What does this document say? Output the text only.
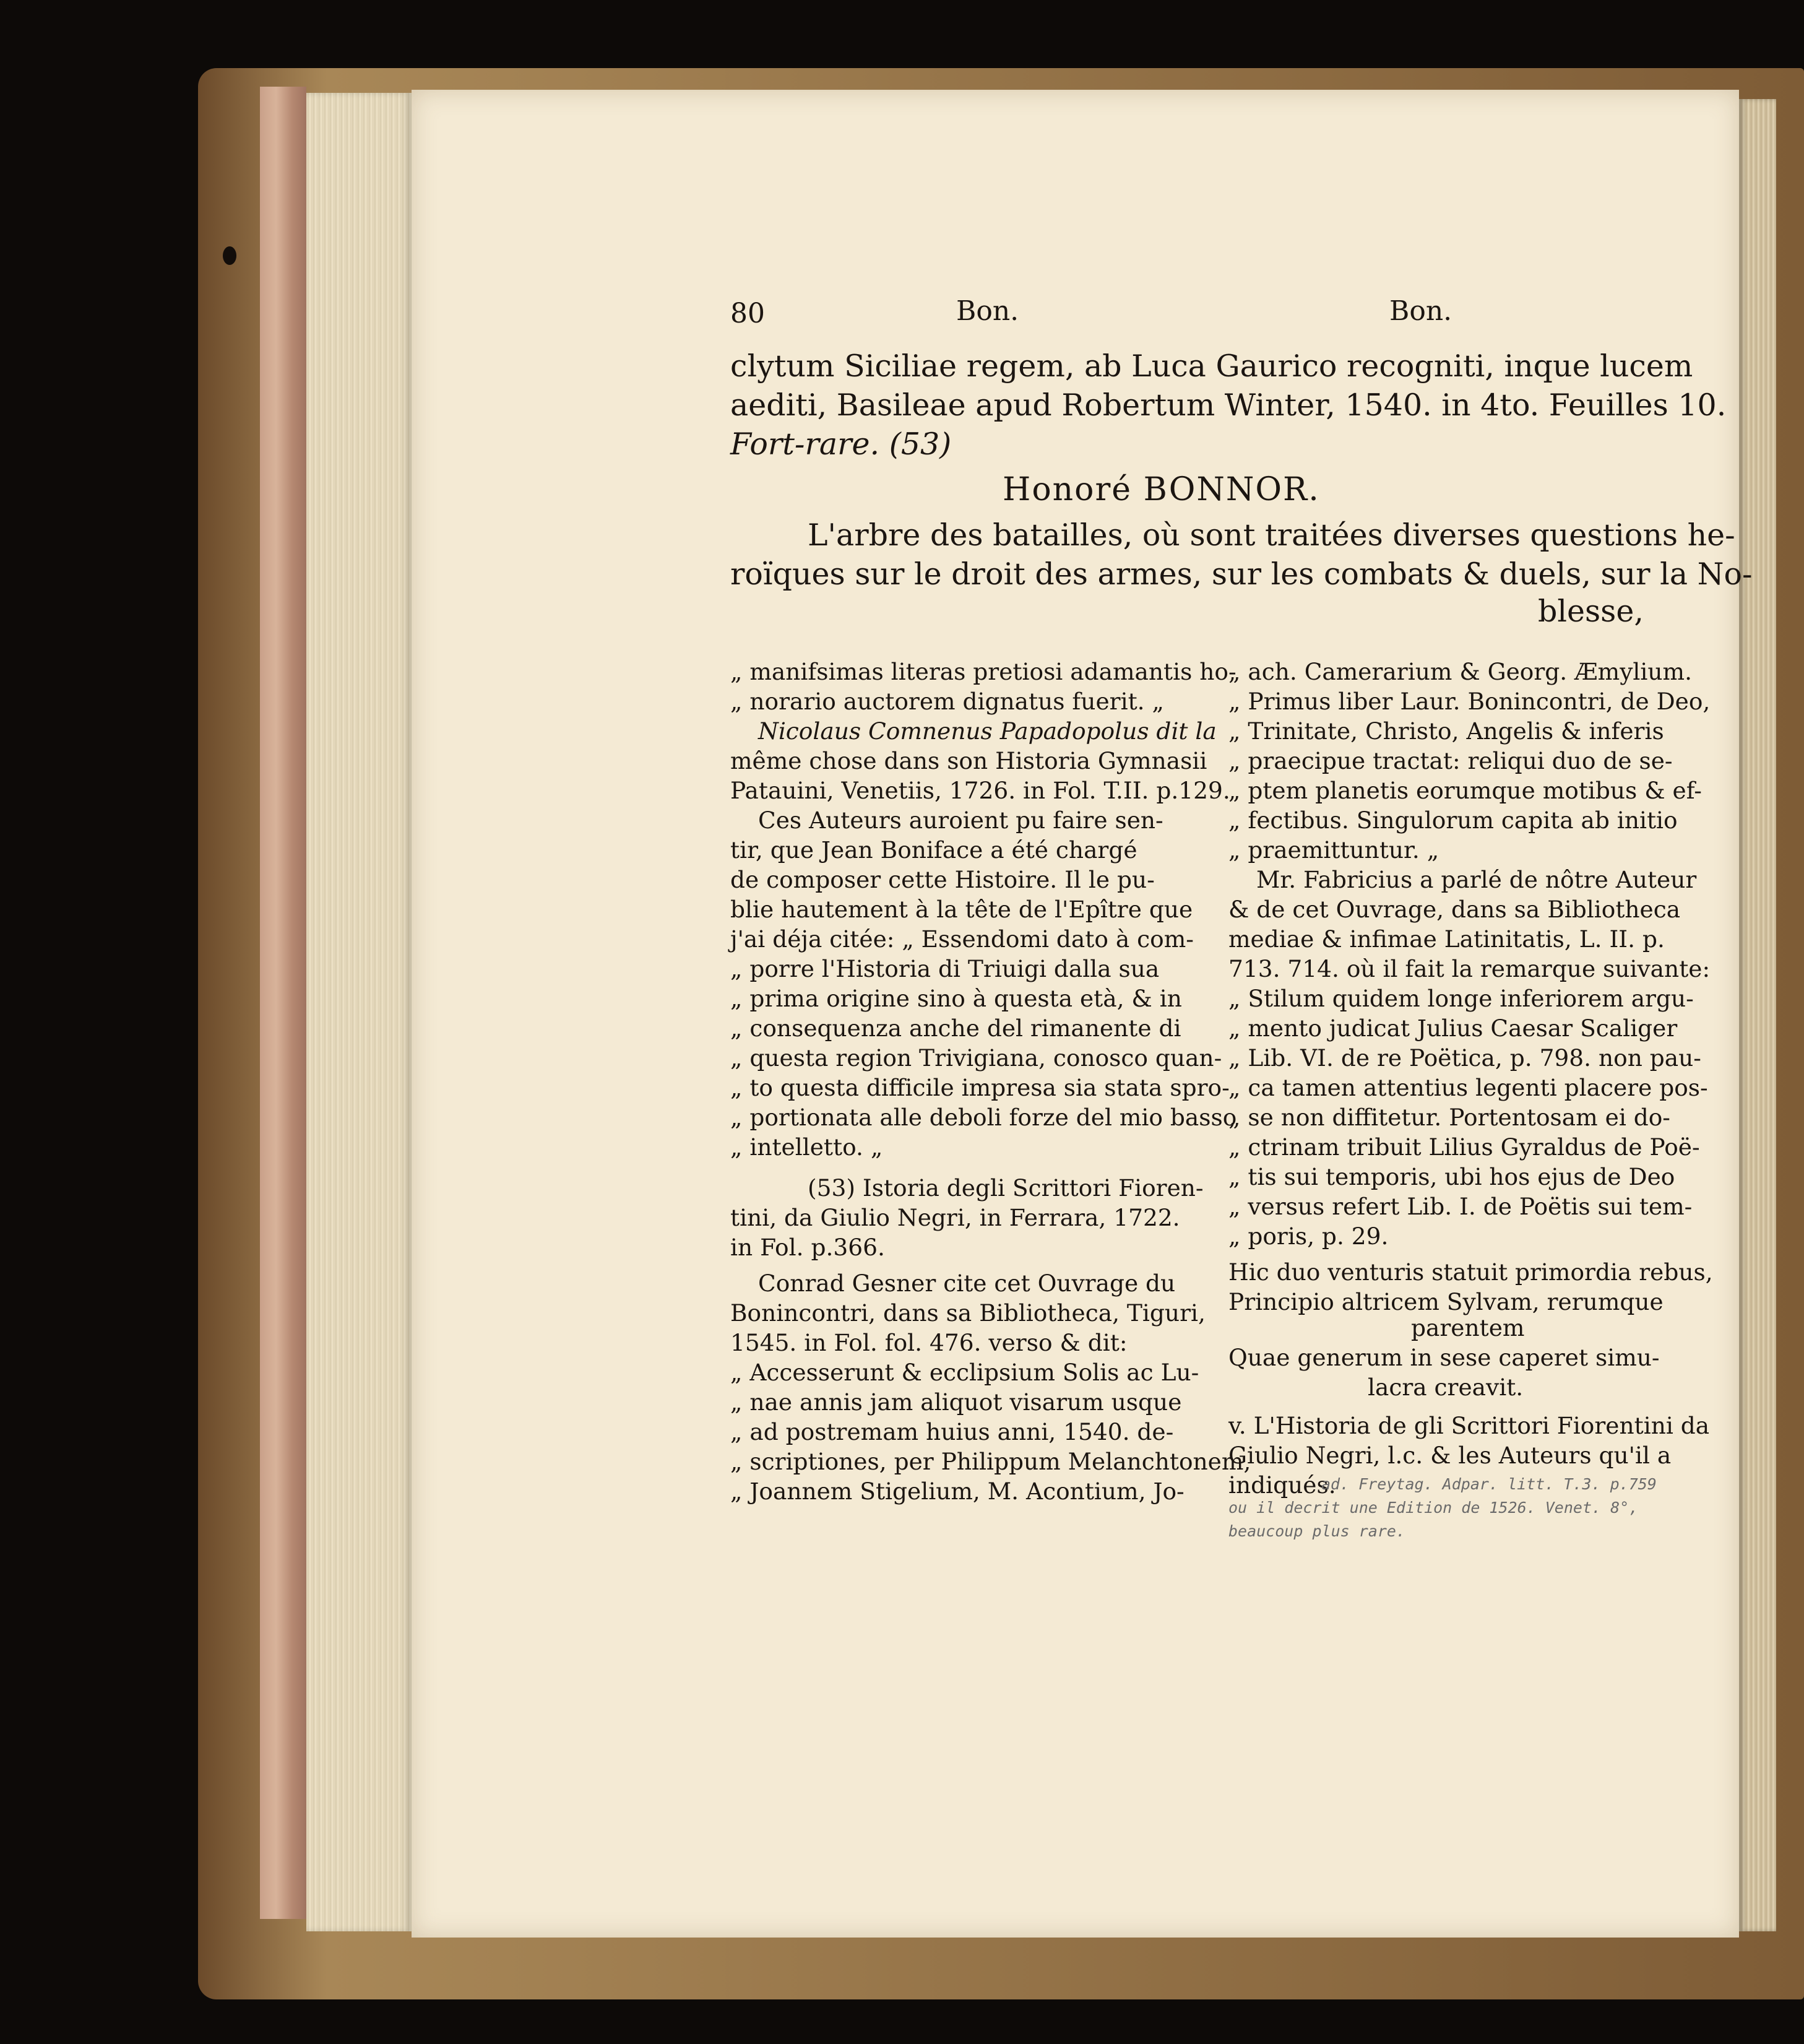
80	Bon.	Bon.
clytum Siciliae regem, ab Luca Gaurico recogniti, inque lucem
aediti, Basileae apud Robertum Winter, 1540. in 4to. Feuilles 10.
Fort-rare. (53)
Honoré BONNOR.
L'arbre des batailles, où sont traitées diverses questions he-
roïques sur le droit des armes, sur les combats & duels, sur la No-
blesse,
„ manifsimas literas pretiosi adamantis ho-
„ norario auctorem dignatus fuerit. „
Nicolaus Comnenus Papadopolus dit la
même chose dans son Historia Gymnasii
Patauini, Venetiis, 1726. in Fol. T.II. p.129.
Ces Auteurs auroient pu faire sen-
tir, que Jean Boniface a été chargé
de composer cette Histoire. Il le pu-
blie hautement à la tête de l'Epître que
j'ai déja citée: „ Essendomi dato à com-
„ porre l'Historia di Triuigi dalla sua
„ prima origine sino à questa età, & in
„ consequenza anche del rimanente di
„ questa region Trivigiana, conosco quan-
„ to questa difficile impresa sia stata spro-
„ portionata alle deboli forze del mio basso
„ intelletto. „
(53) Istoria degli Scrittori Fioren-
tini, da Giulio Negri, in Ferrara, 1722.
in Fol. p.366.
Conrad Gesner cite cet Ouvrage du
Bonincontri, dans sa Bibliotheca, Tiguri,
1545. in Fol. fol. 476. verso & dit:
„ Accesserunt & ecclipsium Solis ac Lu-
„ nae annis jam aliquot visarum usque
„ ad postremam huius anni, 1540. de-
„ scriptiones, per Philippum Melanchtonem,
„ Joannem Stigelium, M. Acontium, Jo-
„ ach. Camerarium & Georg. Æmylium.
„ Primus liber Laur. Bonincontri, de Deo,
„ Trinitate, Christo, Angelis & inferis
„ praecipue tractat: reliqui duo de se-
„ ptem planetis eorumque motibus & ef-
„ fectibus. Singulorum capita ab initio
„ praemittuntur. „
Mr. Fabricius a parlé de nôtre Auteur
& de cet Ouvrage, dans sa Bibliotheca
mediae & infimae Latinitatis, L. II. p.
713. 714. où il fait la remarque suivante:
„ Stilum quidem longe inferiorem argu-
„ mento judicat Julius Caesar Scaliger
„ Lib. VI. de re Poëtica, p. 798. non pau-
„ ca tamen attentius legenti placere pos-
„ se non diffitetur. Portentosam ei do-
„ ctrinam tribuit Lilius Gyraldus de Poë-
„ tis sui temporis, ubi hos ejus de Deo
„ versus refert Lib. I. de Poëtis sui tem-
„ poris, p. 29.
Hic duo venturis statuit primordia rebus,
Principio altricem Sylvam, rerumque
parentem
Quae generum in sese caperet simu-
lacra creavit.
v. L'Historia de gli Scrittori Fiorentini da
Giulio Negri, l.c. & les Auteurs qu'il a
indiqués.
ad. Freytag. Adpar. litt. T.3. p.759
ou il decrit une Edition de 1526. Venet. 8°,
beaucoup plus rare.
